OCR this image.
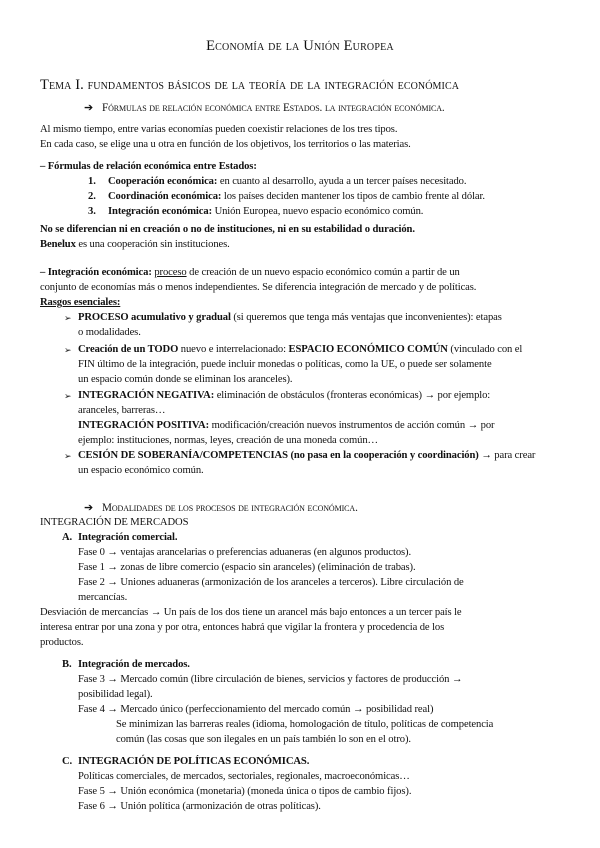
Economía de la Unión Europea
Tema I. fundamentos básicos de la teoría de la integración económica
➔ Fórmulas de relación económica entre Estados. la integración económica.
Al mismo tiempo, entre varias economías pueden coexistir relaciones de los tres tipos.
En cada caso, se elige una u otra en función de los objetivos, los territorios o las materias.
– Fórmulas de relación económica entre Estados:
1. Cooperación económica: en cuanto al desarrollo, ayuda a un tercer países necesitado.
2. Coordinación económica: los países deciden mantener los tipos de cambio frente al dólar.
3. Integración económica: Unión Europea, nuevo espacio económico común.
No se diferencian ni en creación o no de instituciones, ni en su estabilidad o duración.
Benelux es una cooperación sin instituciones.
– Integración económica: proceso de creación de un nuevo espacio económico común a partir de un
conjunto de economías más o menos independientes. Se diferencia integración de mercado y de políticas.
Rasgos esenciales:
➢ PROCESO acumulativo y gradual (si queremos que tenga más ventajas que inconvenientes): etapas
o modalidades.
➢ Creación de un TODO nuevo e interrelacionado: ESPACIO ECONÓMICO COMÚN (vinculado con el
FIN último de la integración, puede incluir monedas o políticas, como la UE, o puede ser solamente
un espacio común donde se eliminan los aranceles).
➢ INTEGRACIÓN NEGATIVA: eliminación de obstáculos (fronteras económicas) → por ejemplo:
aranceles, barreras…
INTEGRACIÓN POSITIVA: modificación/creación nuevos instrumentos de acción común → por
ejemplo: instituciones, normas, leyes, creación de una moneda común…
➢ CESIÓN DE SOBERANÍA/COMPETENCIAS (no pasa en la cooperación y coordinación) → para crear
un espacio económico común.
➔ Modalidades de los procesos de integración económica.
INTEGRACIÓN DE MERCADOS
A. Integración comercial.
Fase 0 → ventajas arancelarias o preferencias aduaneras (en algunos productos).
Fase 1 → zonas de libre comercio (espacio sin aranceles) (eliminación de trabas).
Fase 2 → Uniones aduaneras (armonización de los aranceles a terceros). Libre circulación de
mercancías.
Desviación de mercancías → Un país de los dos tiene un arancel más bajo entonces a un tercer país le
interesa entrar por una zona y por otra, entonces habrá que vigilar la frontera y procedencia de los
productos.
B. Integración de mercados.
Fase 3 → Mercado común (libre circulación de bienes, servicios y factores de producción →
posibilidad legal).
Fase 4 → Mercado único (perfeccionamiento del mercado común → posibilidad real)
Se minimizan las barreras reales (idioma, homologación de título, políticas de competencia
común (las cosas que son ilegales en un país también lo son en el otro).
C. INTEGRACIÓN DE POLÍTICAS ECONÓMICAS.
Políticas comerciales, de mercados, sectoriales, regionales, macroeconómicas…
Fase 5 → Unión económica (monetaria) (moneda única o tipos de cambio fijos).
Fase 6 → Unión política (armonización de otras políticas).
